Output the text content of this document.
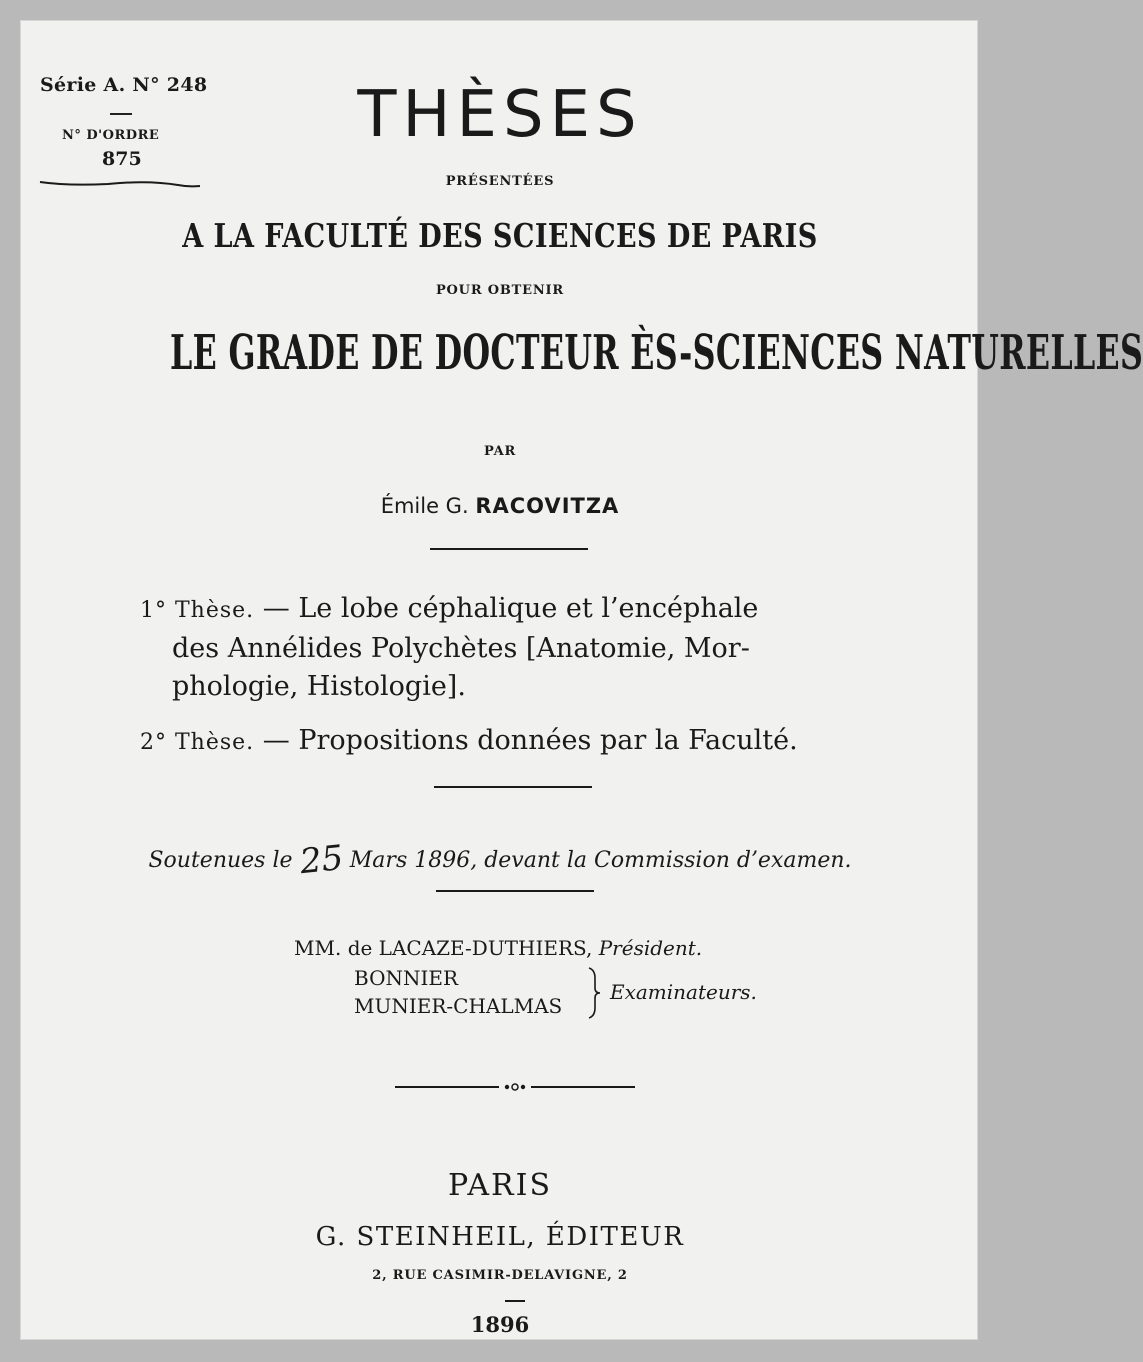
Série A. N° 248
N° D'ORDRE
875
THÈSES
PRÉSENTÉES
A LA FACULTÉ DES SCIENCES DE PARIS
POUR OBTENIR
LE GRADE DE DOCTEUR ÈS-SCIENCES NATURELLES
PAR
Émile G. RACOVITZA
1° Thèse. — Le lobe céphalique et l’encéphale
des Annélides Polychètes [Anatomie, Mor-
phologie, Histologie].
2° Thèse. — Propositions données par la Faculté.
Soutenues le 25 Mars 1896, devant la Commission d’examen.
MM. de LACAZE-DUTHIERS, Président.
BONNIER
MUNIER-CHALMAS
Examinateurs.
PARIS
G. STEINHEIL, ÉDITEUR
2, RUE CASIMIR-DELAVIGNE, 2
1896
